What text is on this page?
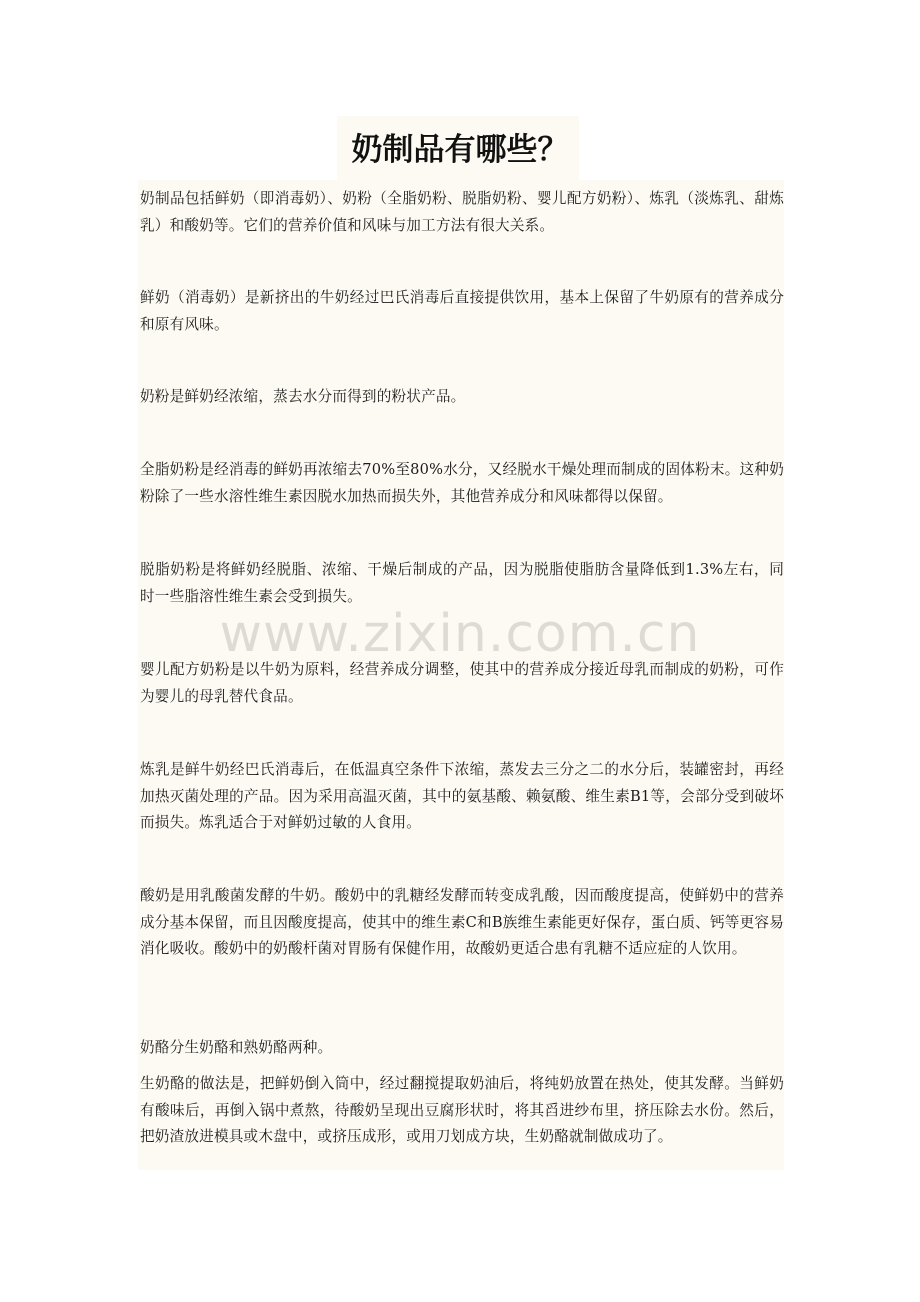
奶制品有哪些？

奶制品包括鲜奶（即消毒奶）、奶粉（全脂奶粉、脱脂奶粉、婴儿配方奶粉）、炼乳（淡炼乳、甜炼乳）和酸奶等。它们的营养价值和风味与加工方法有很大关系。

鲜奶（消毒奶）是新挤出的牛奶经过巴氏消毒后直接提供饮用，基本上保留了牛奶原有的营养成分和原有风味。

奶粉是鲜奶经浓缩，蒸去水分而得到的粉状产品。

全脂奶粉是经消毒的鲜奶再浓缩去70%至80%水分，又经脱水干燥处理而制成的固体粉末。这种奶粉除了一些水溶性维生素因脱水加热而损失外，其他营养成分和风味都得以保留。

脱脂奶粉是将鲜奶经脱脂、浓缩、干燥后制成的产品，因为脱脂使脂肪含量降低到1.3%左右，同时一些脂溶性维生素会受到损失。

婴儿配方奶粉是以牛奶为原料，经营养成分调整，使其中的营养成分接近母乳而制成的奶粉，可作为婴儿的母乳替代食品。

炼乳是鲜牛奶经巴氏消毒后，在低温真空条件下浓缩，蒸发去三分之二的水分后，装罐密封，再经加热灭菌处理的产品。因为采用高温灭菌，其中的氨基酸、赖氨酸、维生素B1等，会部分受到破坏而损失。炼乳适合于对鲜奶过敏的人食用。

酸奶是用乳酸菌发酵的牛奶。酸奶中的乳糖经发酵而转变成乳酸，因而酸度提高，使鲜奶中的营养成分基本保留，而且因酸度提高，使其中的维生素C和B族维生素能更好保存，蛋白质、钙等更容易消化吸收。酸奶中的奶酸杆菌对胃肠有保健作用，故酸奶更适合患有乳糖不适应症的人饮用。

奶酪分生奶酪和熟奶酪两种。

生奶酪的做法是，把鲜奶倒入筒中，经过翻搅提取奶油后，将纯奶放置在热处，使其发酵。当鲜奶有酸味后，再倒入锅中煮熬，待酸奶呈现出豆腐形状时，将其舀进纱布里，挤压除去水份。然后，把奶渣放进模具或木盘中，或挤压成形，或用刀划成方块，生奶酪就制做成功了。
